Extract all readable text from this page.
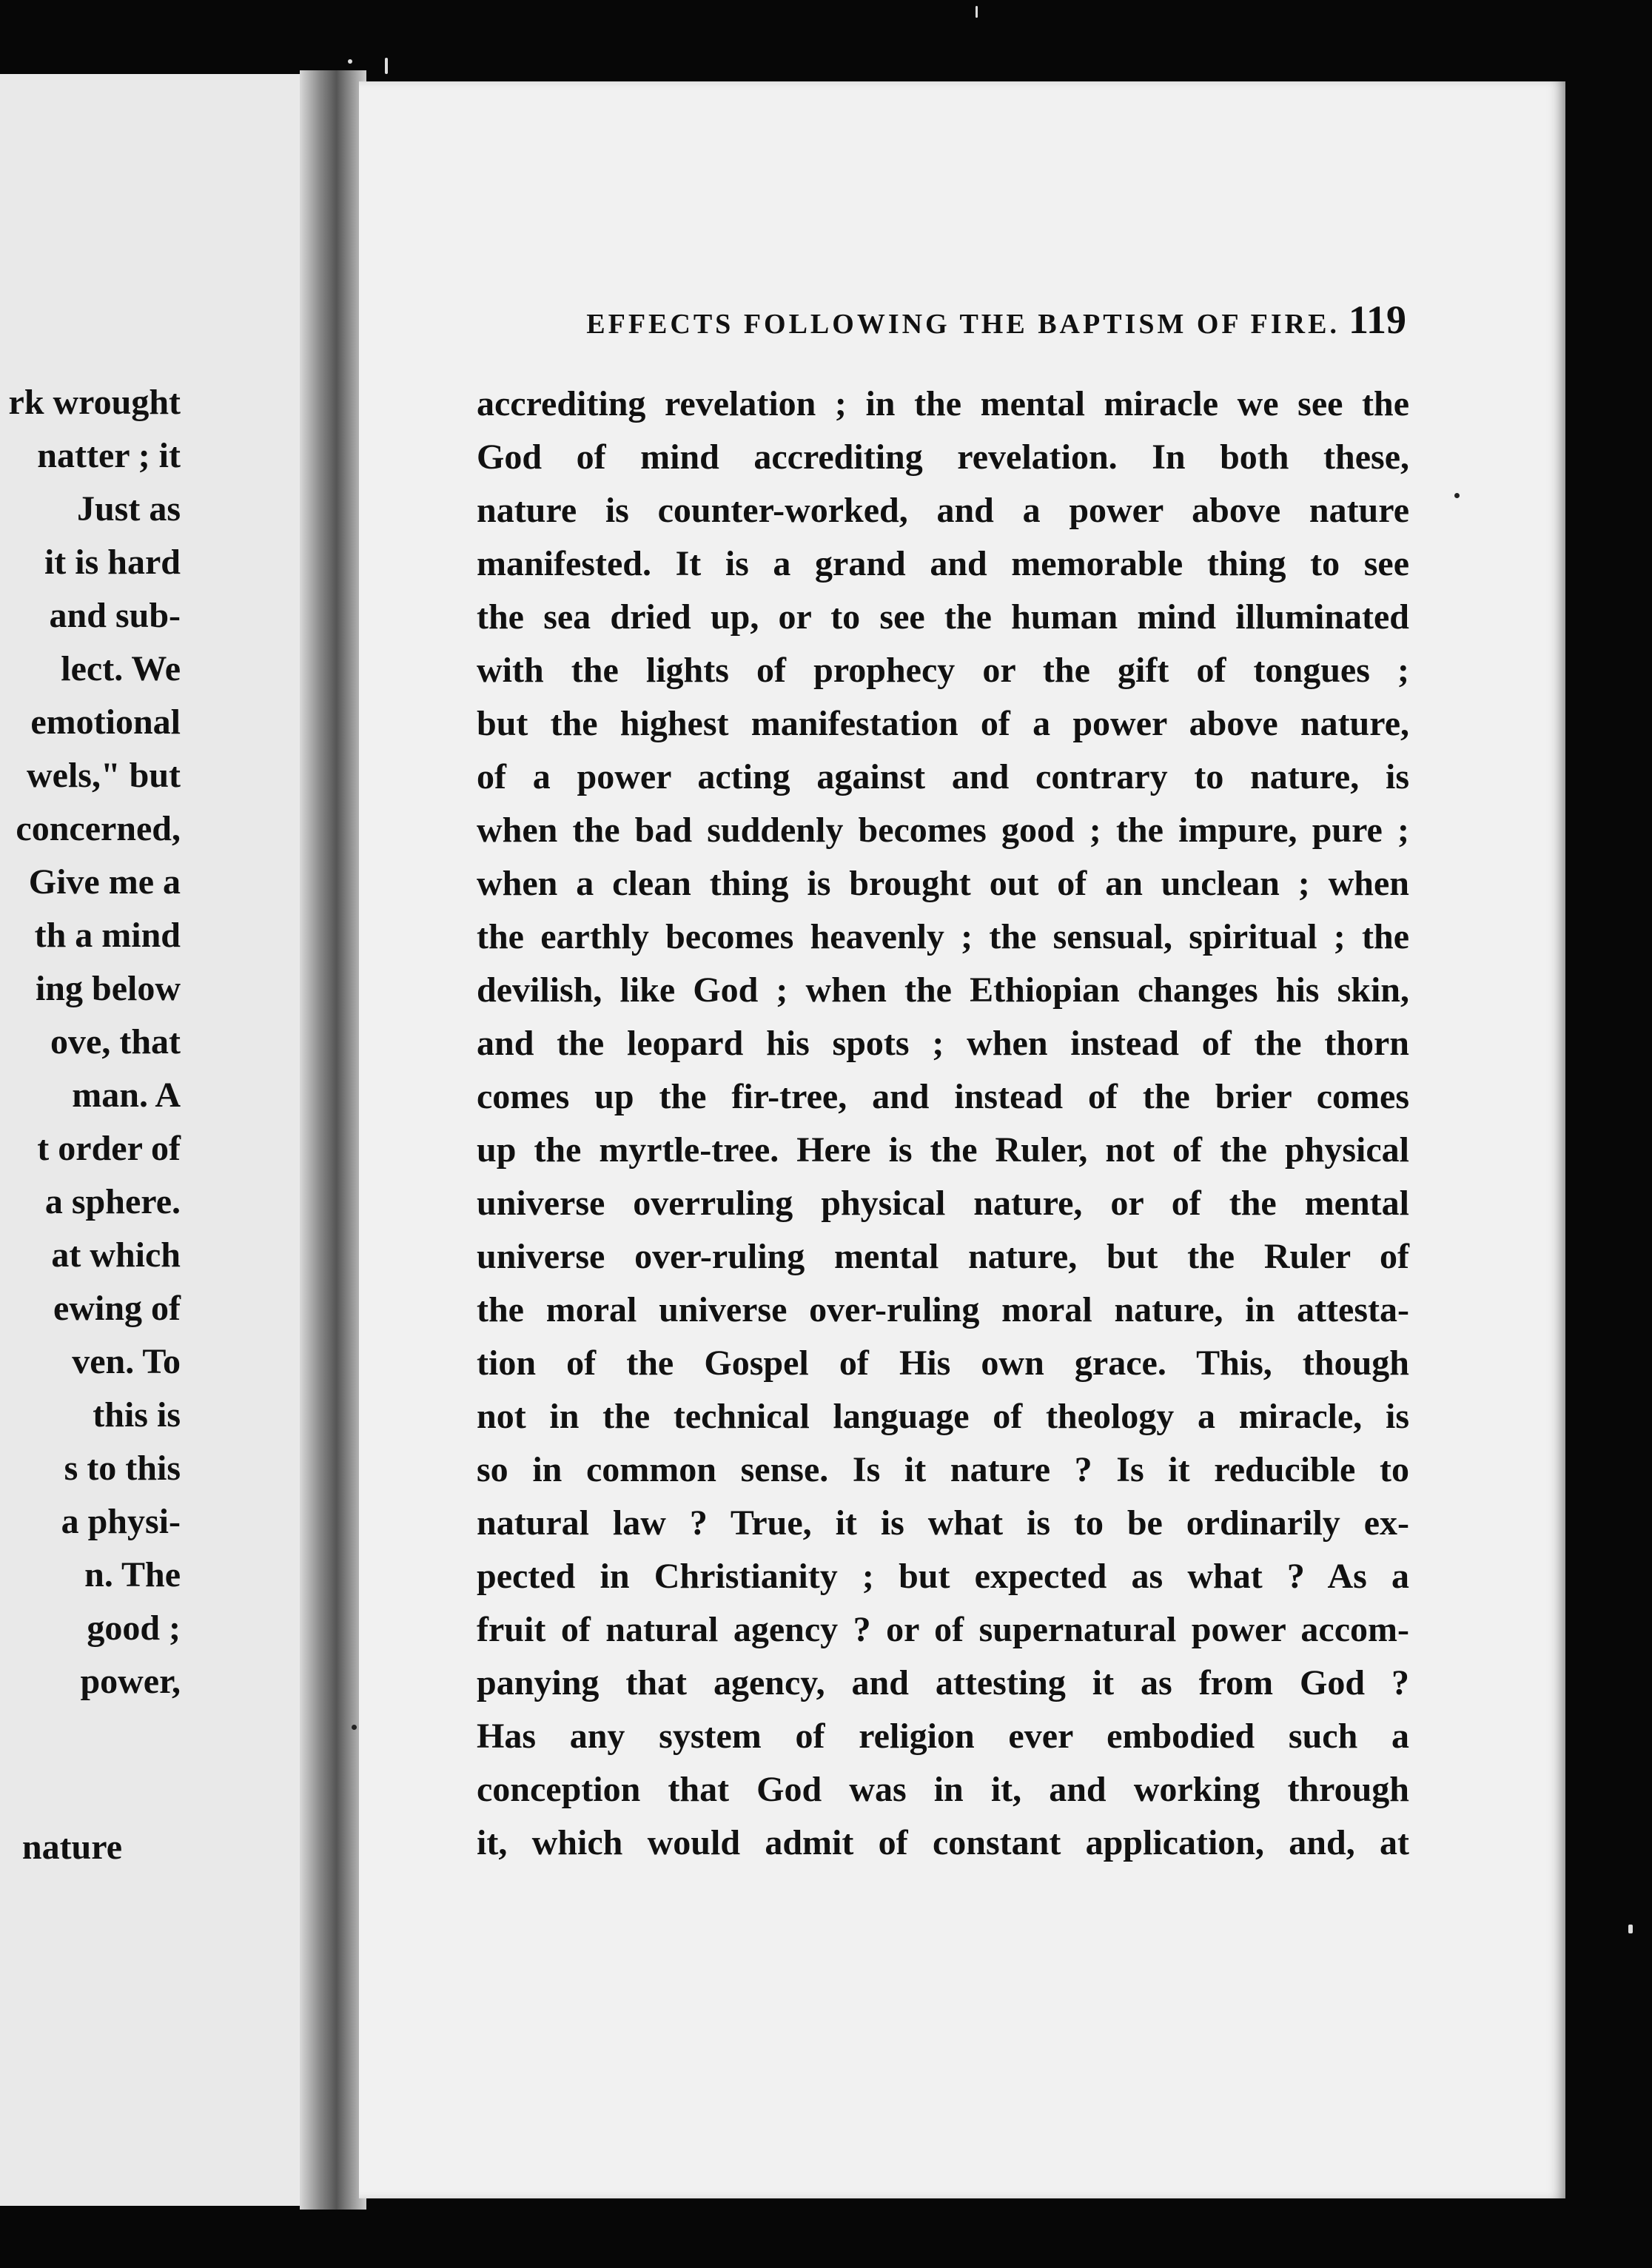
rk wrought

natter ; it

Just as

it is hard

and sub-

lect. We

emotional

wels," but

concerned,

Give me a

th a mind

ing below

ove, that

man. A

t order of

a sphere.

at which

ewing of

ven. To

this is

s to this

a physi-

n. The

good ;

power,

nature

EFFECTS FOLLOWING THE BAPTISM OF FIRE. 119

accrediting revelation ; in the mental miracle we see the

God of mind accrediting revelation. In both these,

nature is counter-worked, and a power above nature

manifested. It is a grand and memorable thing to see

the sea dried up, or to see the human mind illuminated

with the lights of prophecy or the gift of tongues ;

but the highest manifestation of a power above nature,

of a power acting against and contrary to nature, is

when the bad suddenly becomes good ; the impure, pure ;

when a clean thing is brought out of an unclean ; when

the earthly becomes heavenly ; the sensual, spiritual ; the

devilish, like God ; when the Ethiopian changes his skin,

and the leopard his spots ; when instead of the thorn

comes up the fir-tree, and instead of the brier comes

up the myrtle-tree. Here is the Ruler, not of the physical

universe overruling physical nature, or of the mental

universe over-ruling mental nature, but the Ruler of

the moral universe over-ruling moral nature, in attesta-

tion of the Gospel of His own grace. This, though

not in the technical language of theology a miracle, is

so in common sense. Is it nature ? Is it reducible to

natural law ? True, it is what is to be ordinarily ex-

pected in Christianity ; but expected as what ? As a

fruit of natural agency ? or of supernatural power accom-

panying that agency, and attesting it as from God ?

Has any system of religion ever embodied such a

conception that God was in it, and working through

it, which would admit of constant application, and, at
